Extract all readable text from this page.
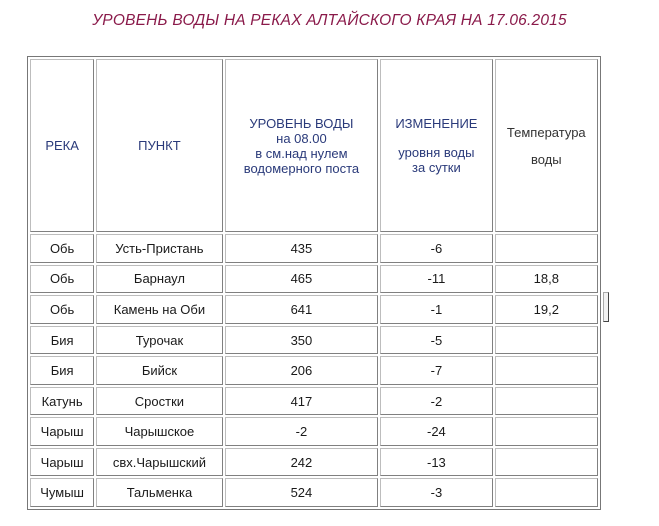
УРОВЕНЬ ВОДЫ НА РЕКАХ АЛТАЙСКОГО КРАЯ НА 17.06.2015
РЕКА	ПУНКТ	УРОВЕНЬ ВОДЫ
на 08.00
в см.над нулем
водомерного поста	ИЗМЕНЕНИЕ
уровня воды
за сутки	Температура
воды

Обь	Усть-Пристань	435	-6	
Обь	Барнаул	465	-11	18,8
Обь	Камень на Оби	641	-1	19,2
Бия	Турочак	350	-5	
Бия	Бийск	206	-7	
Катунь	Сростки	417	-2	
Чарыш	Чарышское	-2	-24	
Чарыш	свх.Чарышский	242	-13	
Чумыш	Тальменка	524	-3	
